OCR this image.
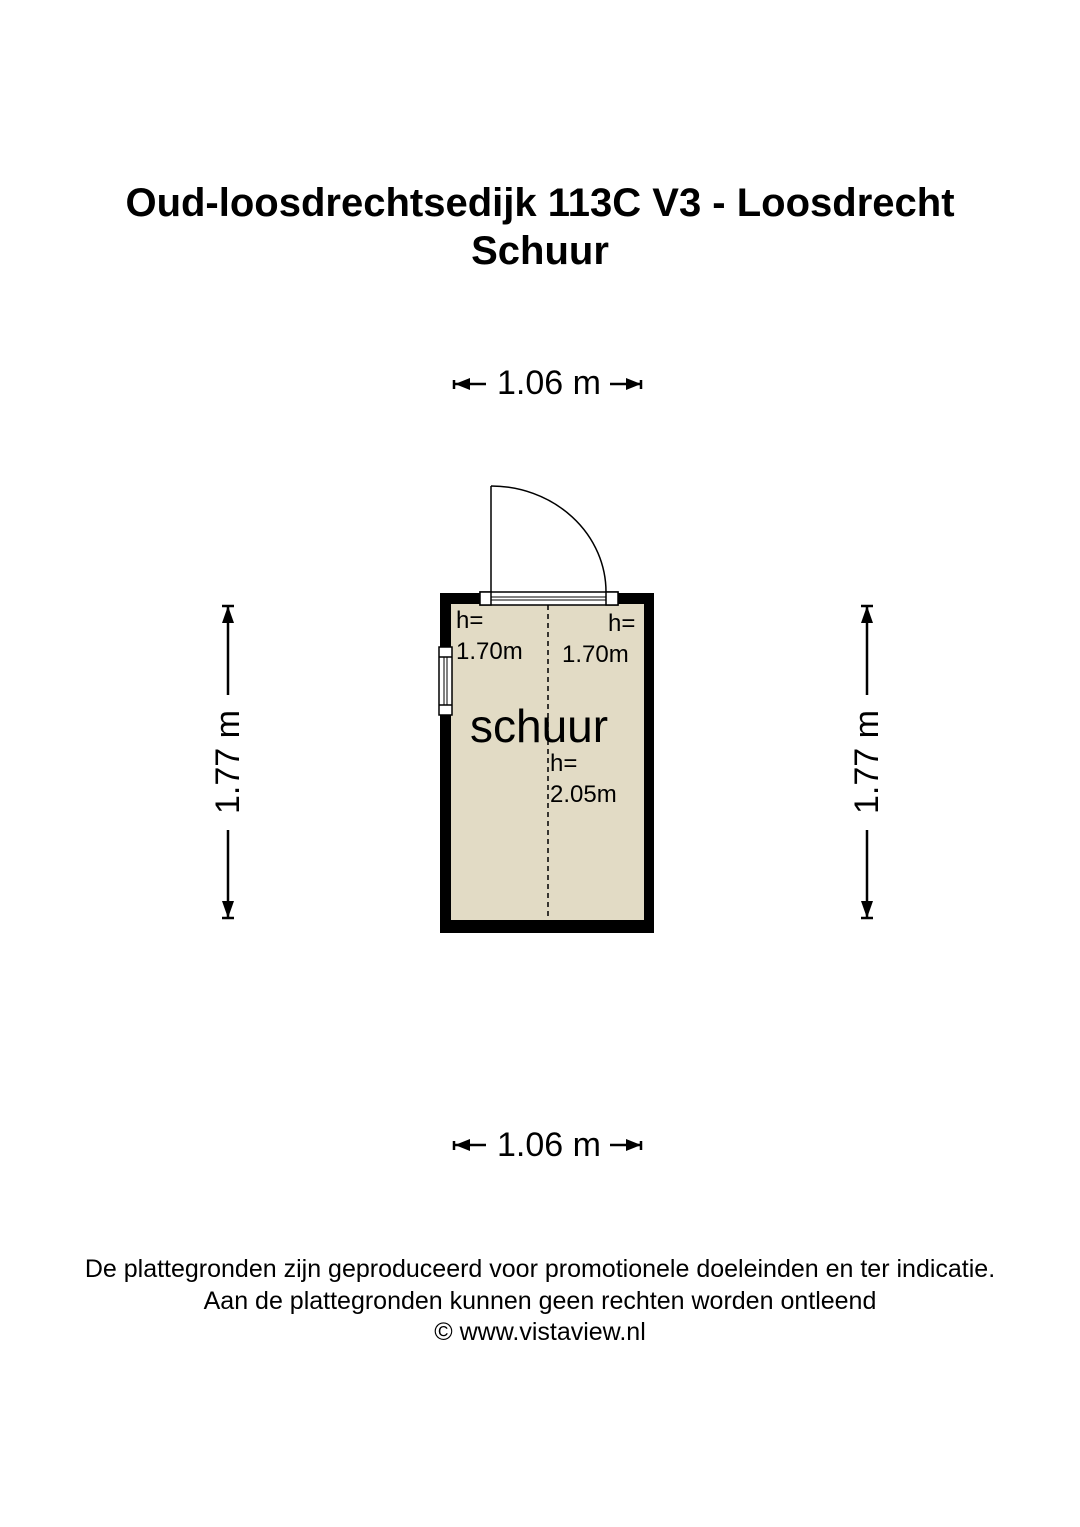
Oud-loosdrechtsedijk 113C V3 - Loosdrecht
Schuur
1.06 m
1.06 m
1.77 m	1.77 m
h=
1.70m
h=
1.70m
schuur
h=
2.05m
De plattegronden zijn geproduceerd voor promotionele doeleinden en ter indicatie.
Aan de plattegronden kunnen geen rechten worden ontleend
© www.vistaview.nl
